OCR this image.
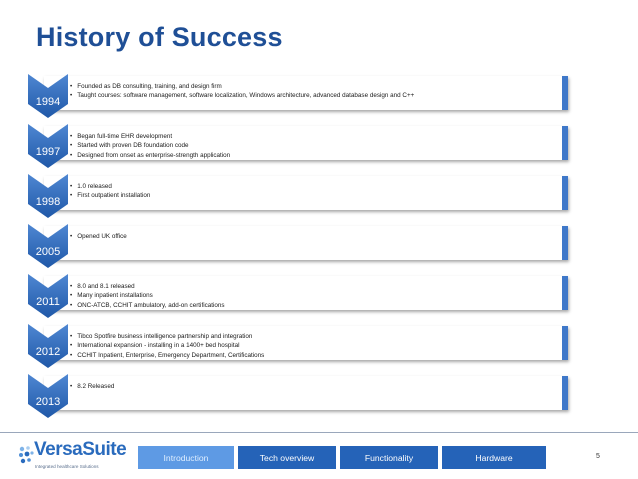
History of Success
• Founded as DB consulting, training, and design firm
• Taught courses: software management, software localization, Windows architecture, advanced database design and C++
1994
• Began full-time EHR development
• Started with proven DB foundation code
• Designed from onset as enterprise-strength application
1997
• 1.0 released
• First outpatient installation
1998
• Opened UK office
2005
• 8.0 and 8.1 released
• Many inpatient installations
• ONC-ATCB, CCHIT ambulatory, add-on certifications
2011
• Tibco Spotfire business intelligence partnership and integration
• International expansion - installing in a 1400+ bed hospital
• CCHIT Inpatient, Enterprise, Emergency Department, Certifications
2012
• 8.2 Released
2013
VersaSuite
Integrated healthcare Solutions
Introduction	Tech overview	Functionality	Hardware	5
